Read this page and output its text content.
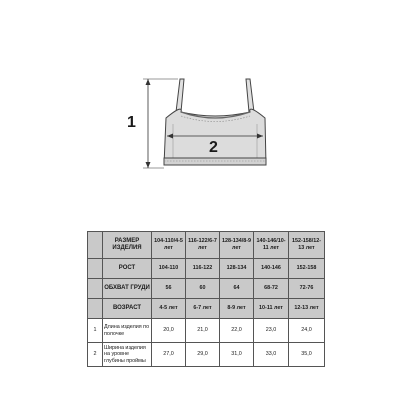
1
2
	РАЗМЕР ИЗДЕЛИЯ	104-110/4-5 лет	116-122/6-7 лет	128-134/8-9 лет	140-146/10-11 лет	152-158/12-13 лет
	РОСТ	104-110	116-122	128-134	140-146	152-158
	ОБХВАТ ГРУДИ	56	60	64	68-72	72-76
	ВОЗРАСТ	4-5 лет	6-7 лет	8-9 лет	10-11 лет	12-13 лет
1	Длина изделия по полочке	20,0	21,0	22,0	23,0	24,0
2	Ширина изделия на уровне глубины проймы	27,0	29,0	31,0	33,0	35,0
